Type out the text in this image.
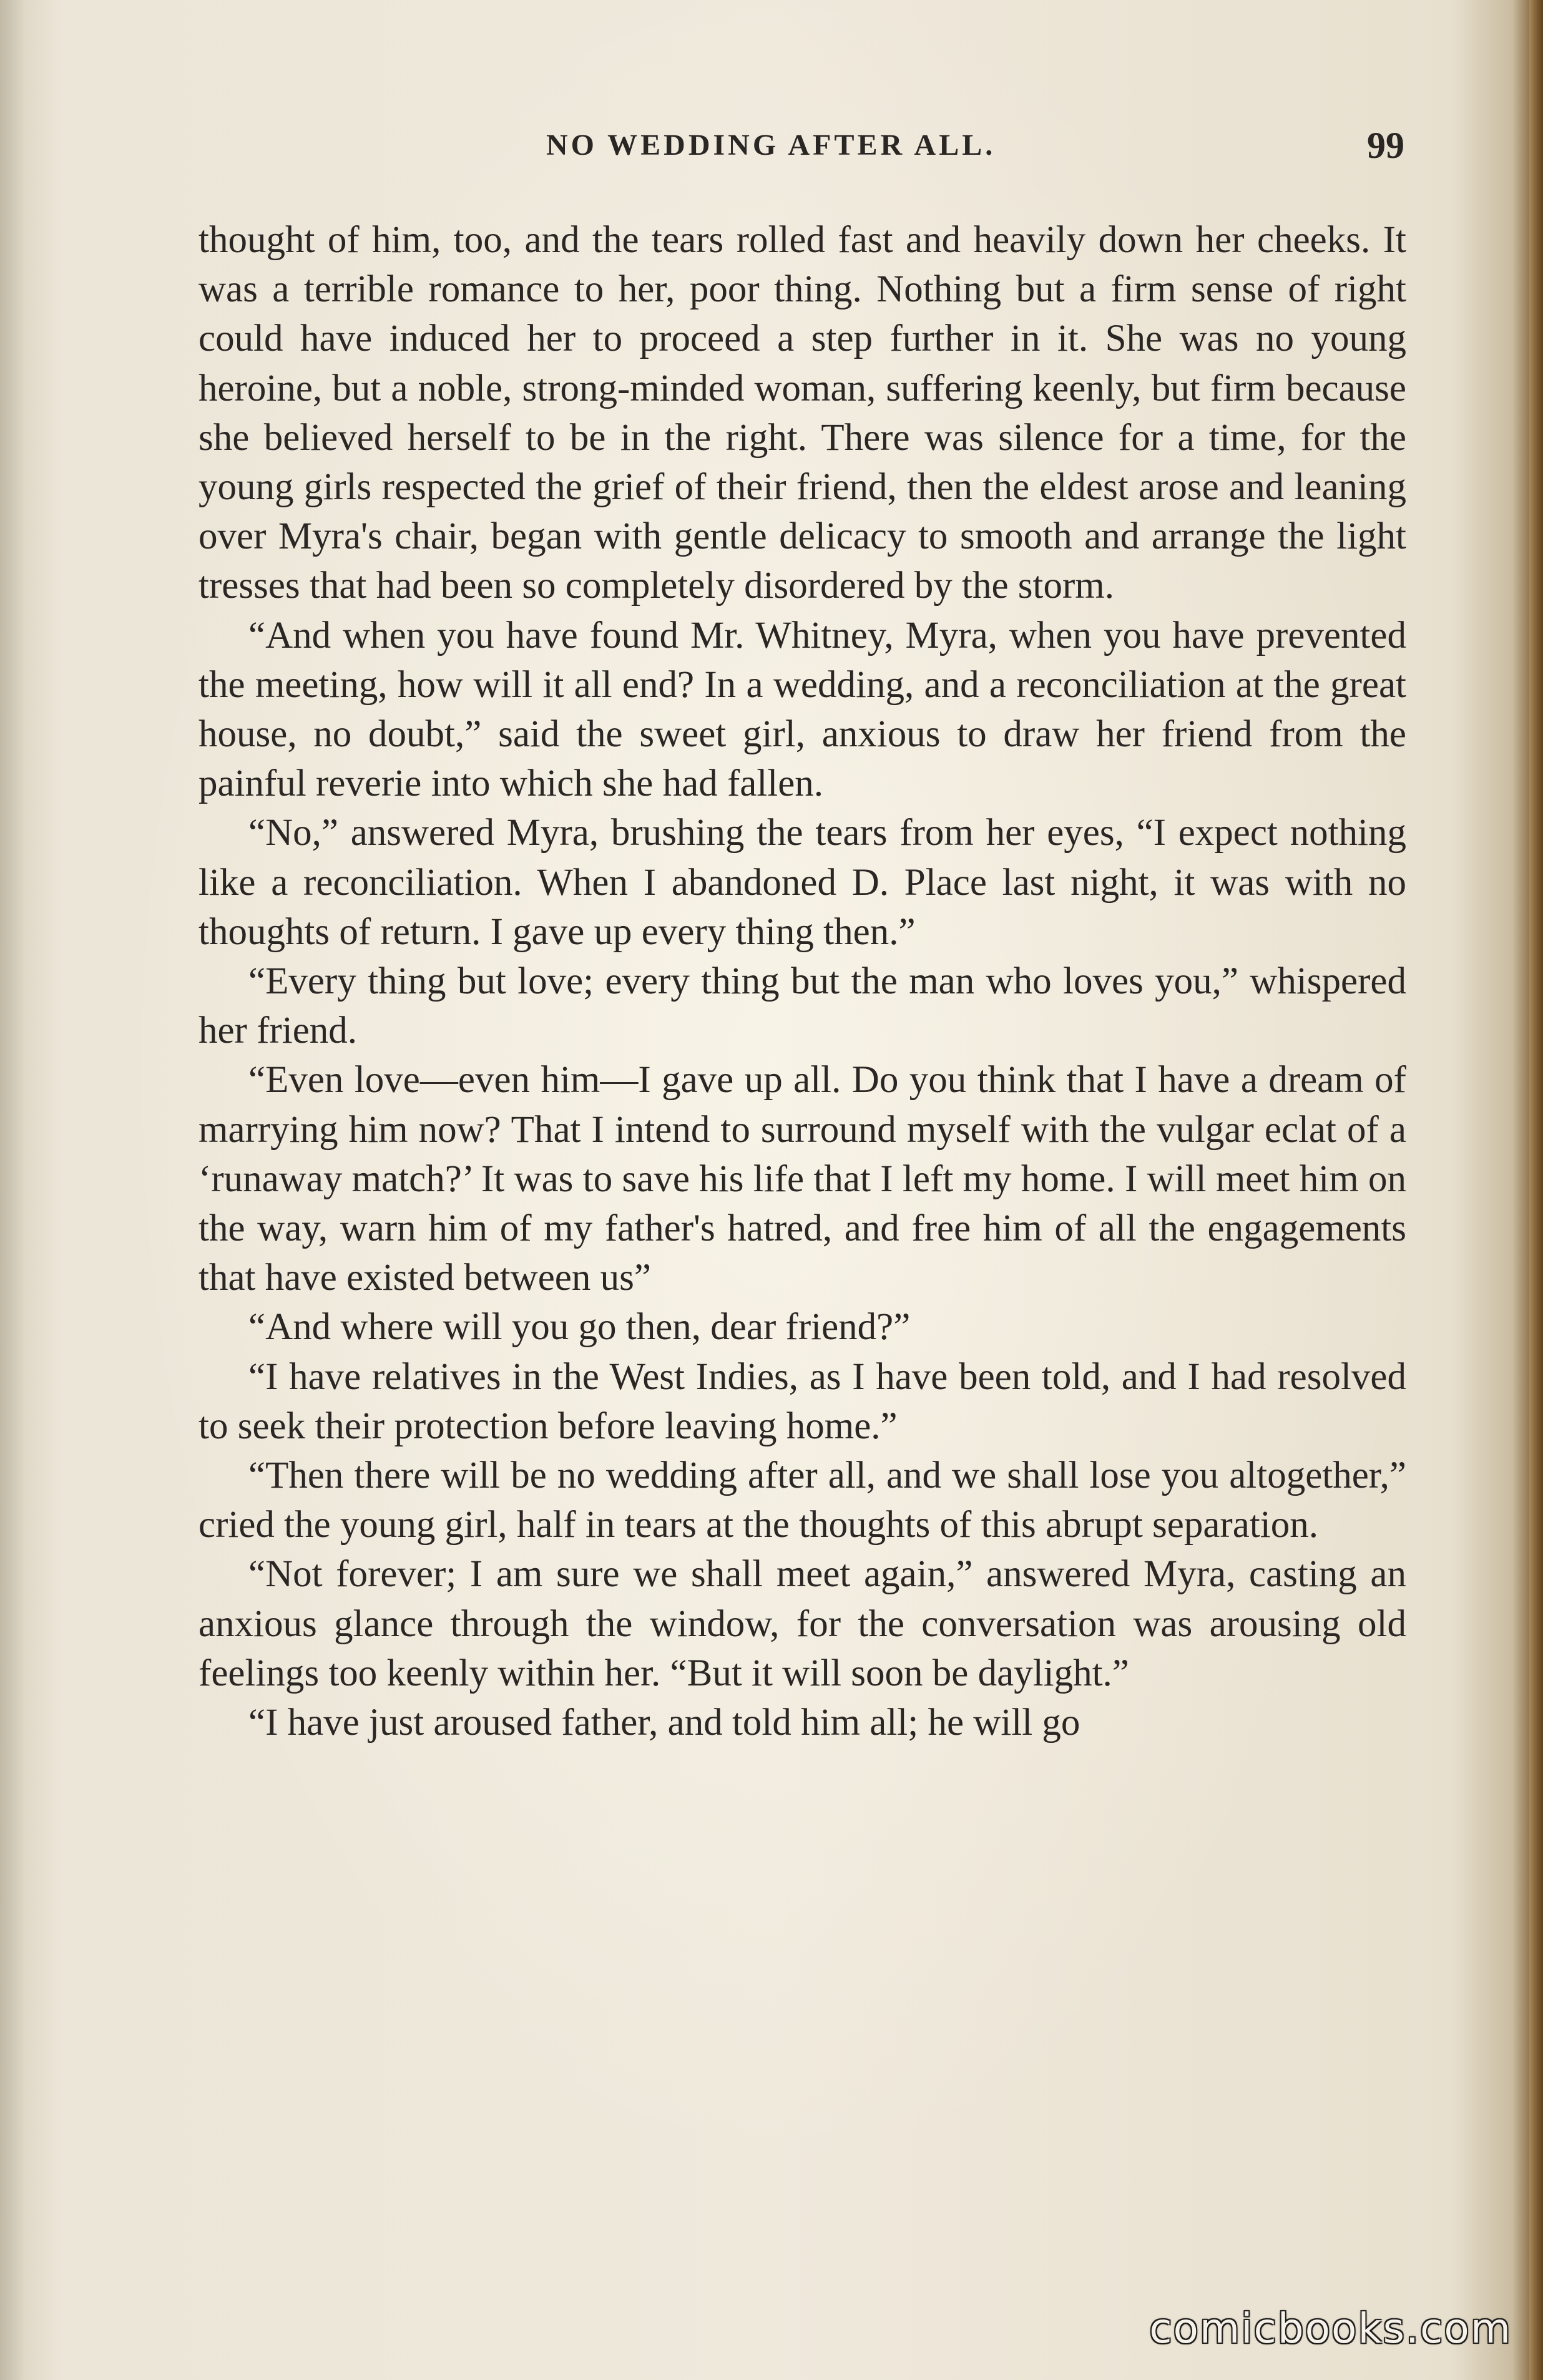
NO WEDDING AFTER ALL.	99

thought of him, too, and the tears rolled fast and heavily down her cheeks. It was a terrible romance to her, poor thing. Nothing but a firm sense of right could have induced her to proceed a step further in it. She was no young heroine, but a noble, strong-minded woman, suffering keenly, but firm because she believed herself to be in the right. There was silence for a time, for the young girls respected the grief of their friend, then the eldest arose and leaning over Myra's chair, began with gentle delicacy to smooth and arrange the light tresses that had been so completely disordered by the storm.

“And when you have found Mr. Whitney, Myra, when you have prevented the meeting, how will it all end? In a wedding, and a reconciliation at the great house, no doubt,” said the sweet girl, anxious to draw her friend from the painful reverie into which she had fallen.

“No,” answered Myra, brushing the tears from her eyes, “I expect nothing like a reconciliation. When I abandoned D. Place last night, it was with no thoughts of return. I gave up every thing then.”

“Every thing but love; every thing but the man who loves you,” whispered her friend.

“Even love—even him—I gave up all. Do you think that I have a dream of marrying him now? That I intend to surround myself with the vulgar eclat of a ‘runaway match?’ It was to save his life that I left my home. I will meet him on the way, warn him of my father's hatred, and free him of all the engagements that have existed between us”

“And where will you go then, dear friend?”

“I have relatives in the West Indies, as I have been told, and I had resolved to seek their protection before leaving home.”

“Then there will be no wedding after all, and we shall lose you altogether,” cried the young girl, half in tears at the thoughts of this abrupt separation.

“Not forever; I am sure we shall meet again,” answered Myra, casting an anxious glance through the window, for the conversation was arousing old feelings too keenly within her. “But it will soon be daylight.”

“I have just aroused father, and told him all; he will go

comicbooks.com
